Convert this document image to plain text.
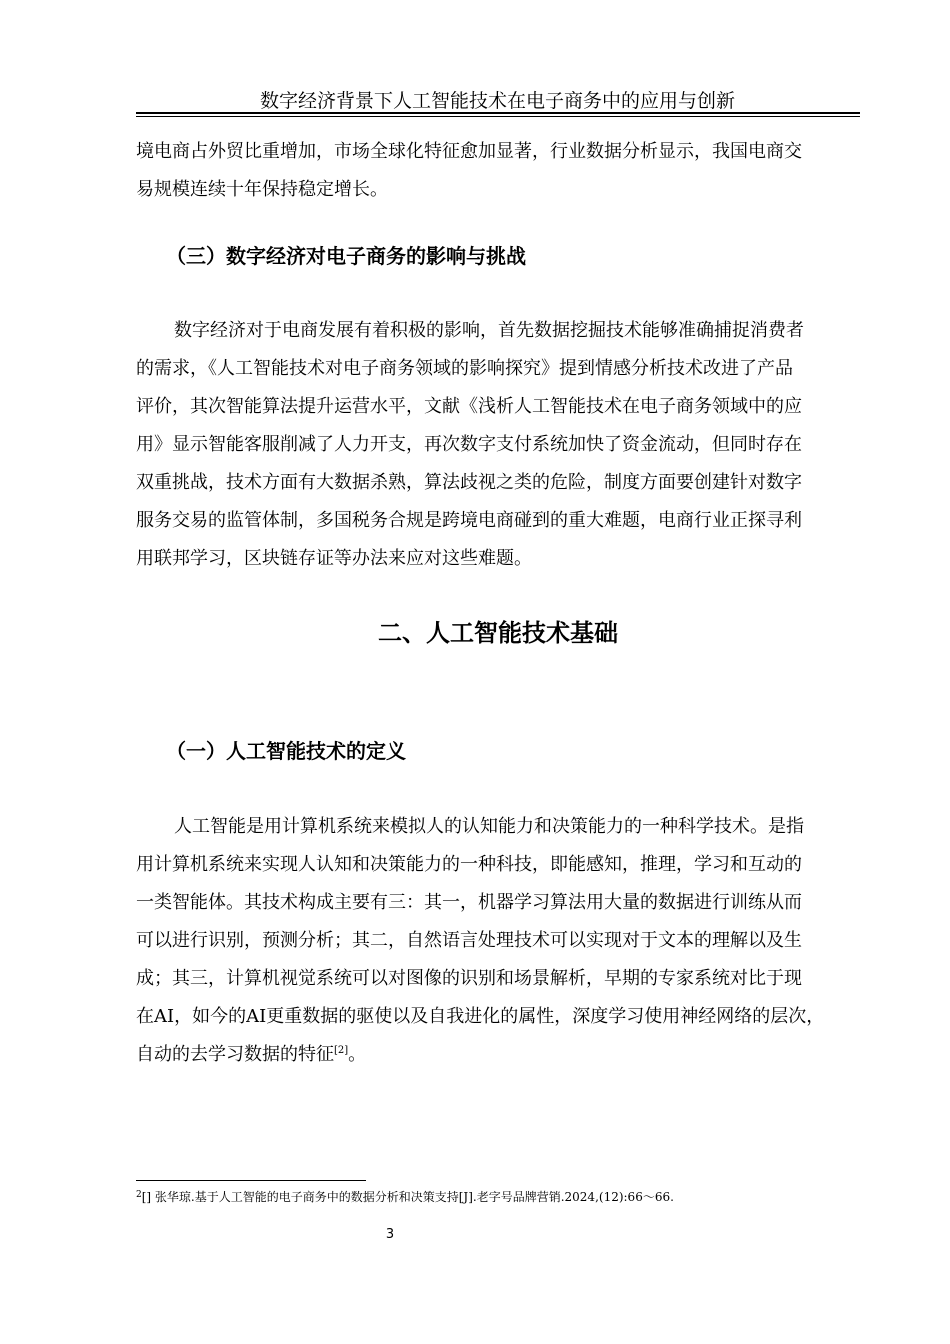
数字经济背景下人工智能技术在电子商务中的应用与创新

境电商占外贸比重增加，市场全球化特征愈加显著，行业数据分析显示，我国电商交
易规模连续十年保持稳定增长。

（三）数字经济对电子商务的影响与挑战

数字经济对于电商发展有着积极的影响，首先数据挖掘技术能够准确捕捉消费者
的需求，《人工智能技术对电子商务领域的影响探究》提到情感分析技术改进了产品
评价，其次智能算法提升运营水平，文献《浅析人工智能技术在电子商务领域中的应
用》显示智能客服削减了人力开支，再次数字支付系统加快了资金流动，但同时存在
双重挑战，技术方面有大数据杀熟，算法歧视之类的危险，制度方面要创建针对数字
服务交易的监管体制，多国税务合规是跨境电商碰到的重大难题，电商行业正探寻利
用联邦学习，区块链存证等办法来应对这些难题。

二、人工智能技术基础
（一）人工智能技术的定义

人工智能是用计算机系统来模拟人的认知能力和决策能力的一种科学技术。是指
用计算机系统来实现人认知和决策能力的一种科技，即能感知，推理，学习和互动的
一类智能体。其技术构成主要有三：其一，机器学习算法用大量的数据进行训练从而
可以进行识别，预测分析；其二，自然语言处理技术可以实现对于文本的理解以及生
成；其三，计算机视觉系统可以对图像的识别和场景解析，早期的专家系统对比于现
在AI，如今的AI更重数据的驱使以及自我进化的属性，深度学习使用神经网络的层次，
自动的去学习数据的特征[2]。

$^2$[] 张华琼.基于人工智能的电子商务中的数据分析和决策支持[J].老字号品牌营销.2024,(12):66～66.
3
